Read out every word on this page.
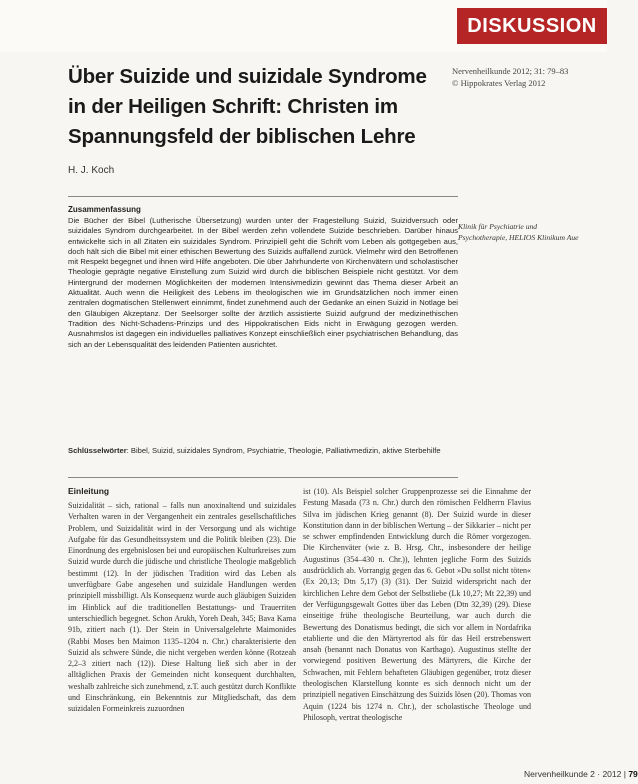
DISKUSSION
Über Suizide und suizidale Syndrome in der Heiligen Schrift: Christen im Spannungsfeld der biblischen Lehre
Nervenheilkunde 2012; 31: 79–83
© Hippokrates Verlag 2012
H. J. Koch
Zusammenfassung

Die Bücher der Bibel (Lutherische Übersetzung) wurden unter der Fragestellung Suizid, Suizidversuch oder suizidales Syndrom durchgearbeitet. In der Bibel werden zehn vollendete Suizide beschrieben. Darüber hinaus entwickelte sich in all Zitaten ein suizidales Syndrom. Prinzipiell geht die Schrift vom Leben als gottgegeben aus, doch hält sich die Bibel mit einer ethischen Bewertung des Suizids auffallend zurück. Vielmehr wird den Betroffenen mit Respekt begegnet und ihnen wird Hilfe angeboten. Die über Jahrhunderte von Kirchenvätern und scholastischer Theologie geprägte negative Einstellung zum Suizid wird durch die biblischen Beispiele nicht gestützt. Vor dem Hintergrund der modernen Möglichkeiten der modernen Intensivmedizin gewinnt das Thema dieser Arbeit an Aktualität. Auch wenn die Heiligkeit des Lebens im theologischen wie im Grundsätzlichen noch immer einen zentralen dogmatischen Stellenwert einnimmt, findet zunehmend auch der Gedanke an einen Suizid in Notlage bei den Gläubigen Akzeptanz. Der Seelsorger sollte der ärztlich assistierte Suizid aufgrund der medizinethischen Tradition des Nicht-Schadens-Prinzips und des Hippokratischen Eids nicht in Erwägung gezogen werden. Ausnahmslos ist dagegen ein individuelles palliatives Konzept einschließlich einer psychiatrischen Behandlung, das sich an der Lebensqualität des leidenden Patienten ausrichtet.

Schlüsselwörter: Bibel, Suizid, suizidales Syndrom, Psychiatrie, Theologie, Palliativmedizin, aktive Sterbehilfe

Klinik für Psychiatrie und
Psychotherapie, HELIOS Klinikum Aue
Einleitung

Suizidalität – sich, rational – falls nun anoxinaltend und suizidales Verhalten waren in der Vergangenheit ein zentrales gesellschaftliches Problem, und Suizidalität wird in der Versorgung und als wichtige Aufgabe für das Gesundheitssystem und die Politik bleiben (23). Die Einordnung des ergebnislosen bei und europäischen Kulturkreises zum Suizid wurde durch die jüdische und christliche Theologie maßgeblich bestimmt (12). In der jüdischen Tradition wird das Leben als unverfügbare Gabe angesehen und suizidale Handlungen werden prinzipiell missbilligt. Als Konsequenz wurde auch gläubigen Suiziden im Hinblick auf die traditionellen Bestattungs- und Trauerriten unterschiedlich begegnet. Schon Arukh, Yoreh Deah, 345; Bava Kama 91b, zitiert nach (1). Der Stein in Universalgelehrte Maimonides (Rabbi Moses ben Maimon 1135–1204 n. Chr.) charakterisierte den Suizid als schwere Sünde, die nicht vergeben werden könne (Rotzeah 2,2–3 zitiert nach (12)). Diese Haltung ließ sich aber in der alltäglichen Praxis der Gemeinden nicht konsequent durchhalten, weshalb zahlreiche sich zunehmend, z.T. auch gestützt durch Konflikte und Einschränkung, ein Bekenntnis zur Mitgliedschaft, das dem suizidalen Formeinkreis zuzuordnen

ist (10). Als Beispiel solcher Gruppenprozesse sei die Einnahme der Festung Masada (73 n. Chr.) durch den römischen Feldherrn Flavius Silva im jüdischen Krieg genannt (8). Der Suizid wurde in dieser Konstitution dann in der biblischen Wertung – der Sikkarier – nicht per se schwer empfindenden Entwicklung durch die Römer vorgezogen. Die Kirchenväter (wie z. B. Hrsg. Chr., insbesondere der heilige Augustinus (354–430 n. Chr.)), lehnten jegliche Form des Suizids ausdrücklich ab. Vorrangig gegen das 6. Gebot »Du sollst nicht töten« (Ex 20,13; Dtn 5,17) (3) (31). Der Suizid widerspricht nach der kirchlichen Lehre dem Gebot der Selbstliebe (Lk 10,27; Mt 22,39) und der Verfügungsgewalt Gottes über das Leben (Dtn 32,39) (29). Diese einseitige frühe theologische Beurteilung, war auch durch die Bewertung des Donatismus bedingt, die sich vor allem in Nordafrika etablierte und die den Märtyrertod als für das Heil erstrebenswert ansah (benannt nach Donatus von Karthago). Augustinus stellte der vorwiegend positiven Bewertung des Märtyrers, die Kirche der Schwachen, mit Fehlern behafteten Gläubigen gegenüber, trotz dieser theologischen Klarstellung konnte es sich dennoch nicht um der prinzipiell negativen Einschätzung des Suizids lösen (20). Thomas von Aquin (1224 bis 1274 n. Chr.), der scholastische Theologe und Philosoph, vertrat theologische

Nervenheilkunde 2 · 2012 | 79
